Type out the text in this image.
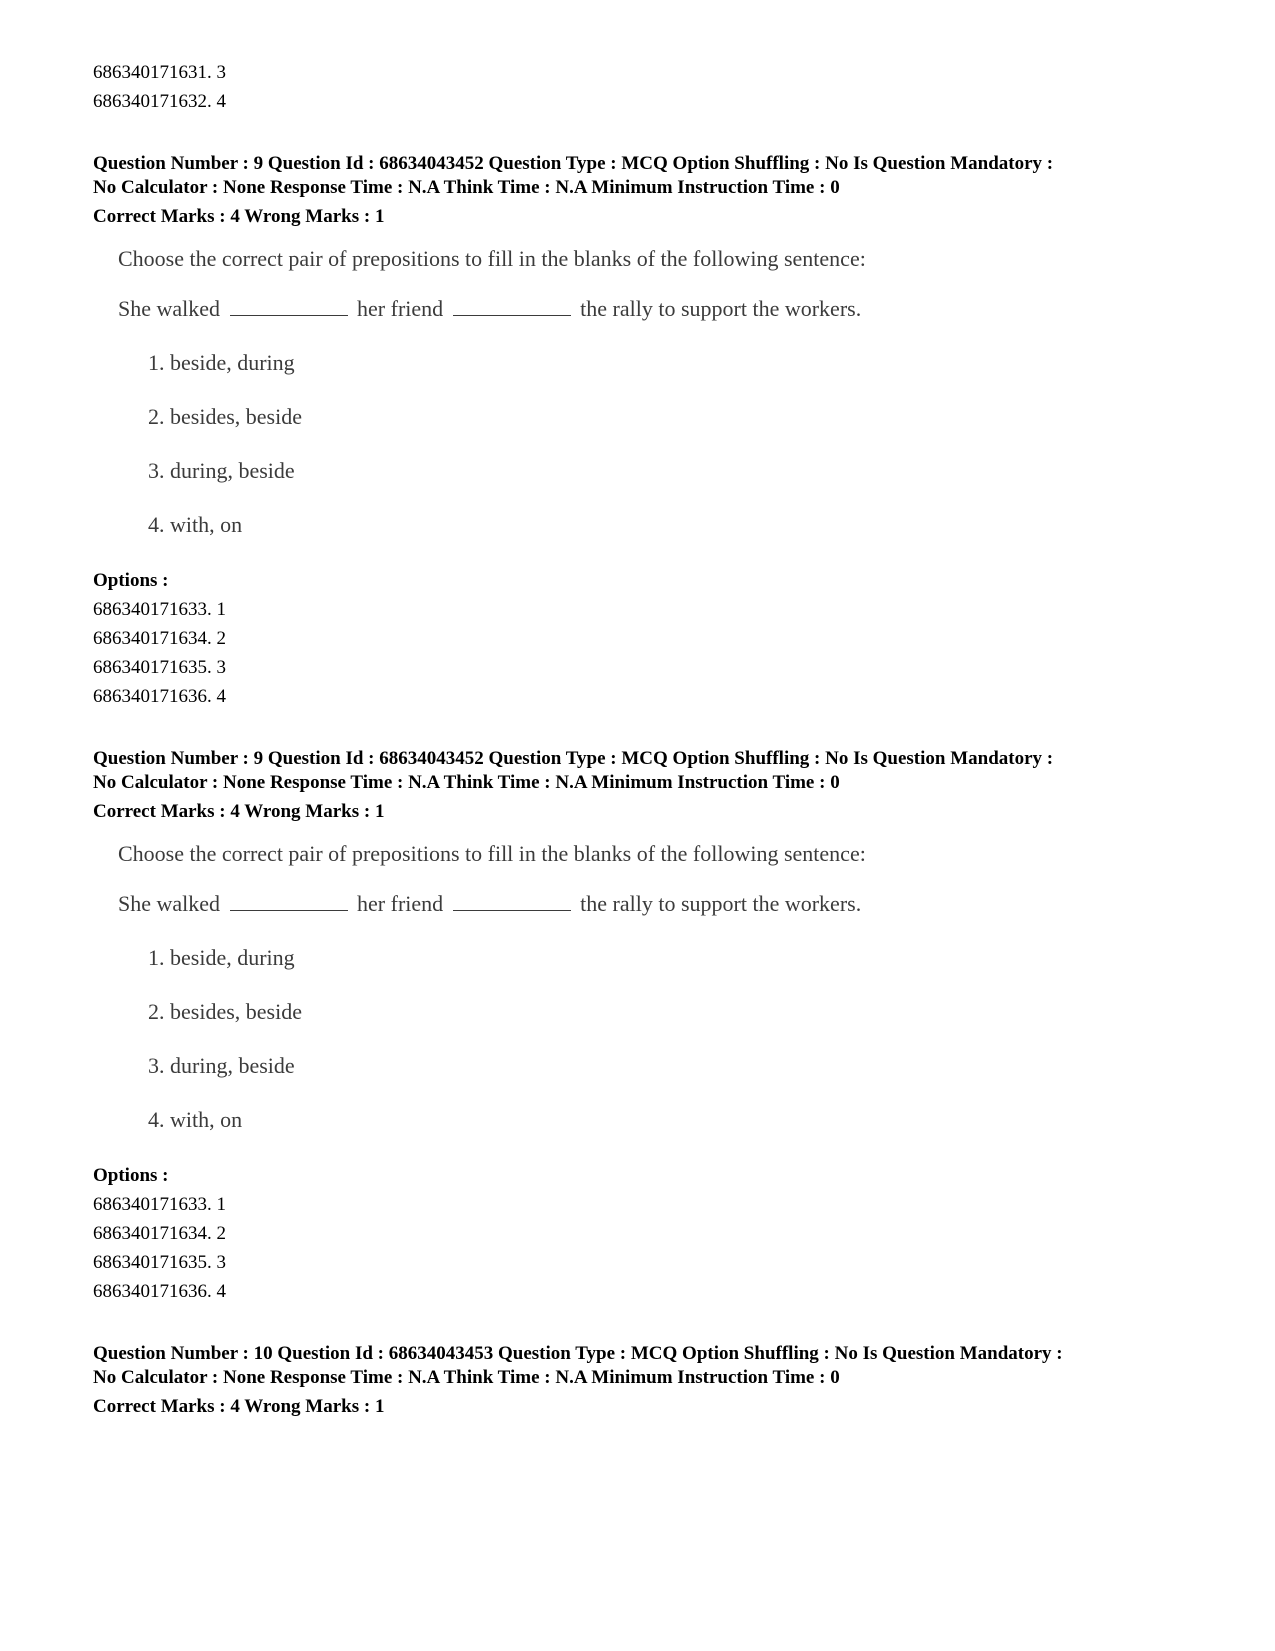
686340171631. 3

686340171632. 4

Question Number : 9 Question Id : 68634043452 Question Type : MCQ Option Shuffling : No Is Question Mandatory :

No Calculator : None Response Time : N.A Think Time : N.A Minimum Instruction Time : 0

Correct Marks : 4 Wrong Marks : 1

Choose the correct pair of prepositions to fill in the blanks of the following sentence:

She walked	her friend	the rally to support the workers.

1. beside, during
2. besides, beside
3. during, beside
4. with, on

Options :

686340171633. 1

686340171634. 2

686340171635. 3

686340171636. 4

Question Number : 9 Question Id : 68634043452 Question Type : MCQ Option Shuffling : No Is Question Mandatory :

No Calculator : None Response Time : N.A Think Time : N.A Minimum Instruction Time : 0

Correct Marks : 4 Wrong Marks : 1

Choose the correct pair of prepositions to fill in the blanks of the following sentence:

She walked	her friend	the rally to support the workers.

1. beside, during
2. besides, beside
3. during, beside
4. with, on

Options :

686340171633. 1

686340171634. 2

686340171635. 3

686340171636. 4

Question Number : 10 Question Id : 68634043453 Question Type : MCQ Option Shuffling : No Is Question Mandatory :

No Calculator : None Response Time : N.A Think Time : N.A Minimum Instruction Time : 0

Correct Marks : 4 Wrong Marks : 1
